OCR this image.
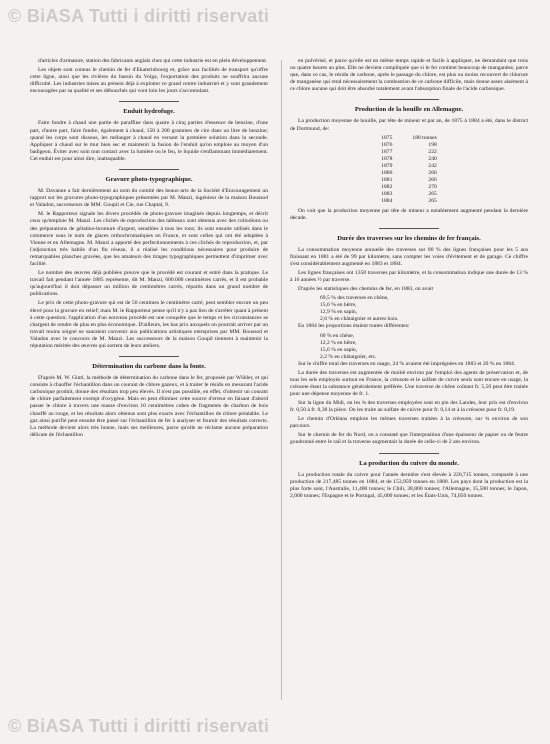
© BiASA Tutti i diritti riservati

d'articles d'armature, station des fabricants anglais chez qui cette industrie est en plein développement.

Les objets sont connus le chemin de fer d'Ekaterinbourg et, grâce aux facilités de transport qu'offre cette ligne, ainsi que les rivières du bassin du Volga, l'exportation des produits ne souffrira aucune difficulté. Les industries mises au présent déjà à exploiter ce grand centre industriel et y sont grandement encouragées par sa qualité et ses débouchés qui vont loin les jours s'accumulant.

Enduit hydrofuge.

Faire fondre à chaud une partie de paraffine dans quatre à cinq parties d'essence de benzine, d'une part, d'autre part, faire fondre, également à chaud, 150 à 200 grammes de cire dans un litre de benzine; quand les corps sont dissous, les mélanger à chaud en versant la première solution dans la seconde. Appliquer à chaud sur le mur bien sec et maintenir la fusion de l'enduit qu'on emploie au moyen d'un badigeon. Éviter avec soin tout contact avec la lumière ou le feu, le liquide s'enflammant immédiatement. Cet enduit est pour ainsi dire, inattaquable.

Gravure photo-typographique.

M. Davanne a fait dernièrement au nom du comité des beaux-arts de la Société d'Encouragement un rapport sur les gravures photo-typographiques présentées par M. Manzi, ingénieur de la maison Boussod et Valadon, successeurs de MM. Goupil et Cie, rue Chaptal, 9.

M. le Rapporteur signale les divers procédés de photo-gravure imaginés depuis longtemps, et décrit ceux qu'emploie M. Manzi. Les clichés de reproduction des tableaux sont obtenus avec des collodions ou des préparations de gélatino-bromure d'argent, sensibles à tous les tons; ils sont ensuite utilisés dans le commerce sous le nom de glaces orthochromatiques en France, et sont celles qui ont été adoptées à Vienne et en Allemagne. M. Manzi a apporté des perfectionnements à ces clichés de reproduction, et, par l'adjonction très habile d'un fin réseau, il a réalisé les conditions nécessaires pour produire de remarquables planches gravées, que les amateurs des tirages typographiques permettent d'imprimer avec facilité.

Le nombre des œuvres déjà publiées prouve que le procédé est courant et entré dans la pratique. Le travail fait pendant l'année 1885 représente, dit M. Manzi, 600.000 centimètres carrés, et il est probable qu'aujourd'hui il doit dépasser un million de centimètres carrés, répartis dans un grand nombre de publications.

Le prix de cette photo-gravure qui est de 50 centimes le centimètre carré, peut sembler encore un peu élevé pour la gravure en relief; mais M. le Rapporteur pense qu'il n'y a pas lieu de s'arrêter quant à présent à cette question; l'application d'un nouveau procédé est une conquête que le temps et les circonstances se chargent de rendre de plus en plus économique. D'ailleurs, les bas prix auxquels on pourrait arriver par un travail moins soigné ne sauraient convenir aux publications artistiques entreprises par MM. Boussod et Valadon avec le concours de M. Manzi. Les successeurs de la maison Goupil tiennent à maintenir la réputation méritée des œuvres qui sortent de leurs ateliers.

Détermination du carbone dans la fonte.

D'après M. W. Gintl, la méthode de détermination du carbone dans le fer, proposée par Wöhler, et qui consiste à chauffer l'échantillon dans un courant de chlore gazeux, et à traiter le résidu en mesurant l'acide carbonique produit, donne des résultats trop peu élevés. Il n'est pas possible, en effet, d'obtenir un courant de chlore parfaitement exempt d'oxygène. Mais en peut éliminer cette source d'erreur en faisant d'abord passer le chlore à travers une masse d'environ 10 centimètres cubes de fragments de charbon de bois chauffé au rouge, et les résultats alors obtenus sont plus exacts avec l'échantillon de chlore préalable. Le gaz ainsi purifié peut ensuite être passé sur l'échantillon de fer à analyser et fournir des résultats corrects. La méthode devient alors très bonne, mais ses meilleures, parce qu'elle ne réclame aucune préparation délicate de l'échantillon

en pulvérisé, et parce qu'elle est en même temps rapide et facile à appliquer, ne demandant que trois ou quatre heures au plus. Elle ne devient compliquée que si le fer contient beaucoup de manganèse, parce que, dans ce cas, le résidu de carbone, après le passage du chlore, est plus ou moins recouvert de chlorure de manganèse qui rend nécessairement la combustion de ce carbone difficile, mais donne assez aisément à ce chlore aucune qui doit être absorbé totalement avant l'absorption finale de l'acide carbonique.

Production de la houille en Allemagne.

La production moyenne de houille, par tête de mineur et par an, de 1875 à 1884 a été, dans le district de Dortmund, de:

1875	188 tonnes
1876	198
1877	222
1878	240
1879	242
1880	266
1881	266
1882	270
1883	265
1884	265

On voit que la production moyenne par tête de mineur a notablement augmenté pendant la dernière décade.

Durée des traverses sur les chemins de fer français.

La consommation moyenne annuelle des traverses sur 80 % des lignes françaises pour les 5 ans finissant en 1881 a été de 99 par kilomètre, sans compter les voies d'évitement et de garage. Ce chiffre s'est considérablement augmenté en 1883 et 1884.

Les lignes françaises ont 1350 traverses par kilomètre, et la consommation indique une durée de 13 % à 16 années ½ par traverse.

D'après les statistiques des chemins de fer, en 1883, on avait

69,5 % des traverses en chêne,
15,6 % en hêtre,
12,9 % en sapin,
2,6 % en châtaignier et autres bois.

En 1884 les proportions étaient toutes différentes:

60 % en chêne,
12,2 % en hêtre,
15,6 % en sapin,
2,2 % en châtaignier, etc.

Sur le chiffre total des traverses en usage, 24 % avaient été imprégnées en 1883 et 20 % en 1884.

La durée des traverses est augmentée de moitié environ par l'emploi des agents de préservation et, de tous les sels employés surtout en France, la créosote et le sulfate de cuivre seuls sont encore en usage, la créosote étant la substance généralement préférée. Une traverse de chêne coûtant fr. 5,50 peut être traitée pour une dépense moyenne de fr. 1.

Sur la ligne du Midi, on les ¾ des traverses employées sont en pin des Landes, leur prix est d'environ fr. 0,50 à fr. 0,38 la pièce. On les traite au sulfate de cuivre pour fr. 0,14 et à la créosote pour fr. 0,19.

Le chemin d'Orléans emploie les mêmes traverses traitées à la créosote, sur ¾ environ de son parcours.

Sur le chemin de fer du Nord, on a constaté que l'interposition d'une épaisseur de papier ou de feutre goudronné entre le rail et la traverse augmentait la durée de celle-ci de 2 ans environ.

La production du cuivre du monde.

La production totale du cuivre pour l'année dernière s'est élevée à 220,715 tonnes, comparée à une production de 217,485 tonnes en 1884, et de 153,959 tonnes en 1880. Les pays dont la production est la plus forte sont, l'Australie, 11,400 tonnes; le Chili, 38,800 tonnes; l'Allemagne, 15,500 tonnes; le Japon, 2,000 tonnes; l'Espagne et le Portugal, 45,000 tonnes; et les États-Unis, 74,050 tonnes.

© BiASA Tutti i diritti riservati
